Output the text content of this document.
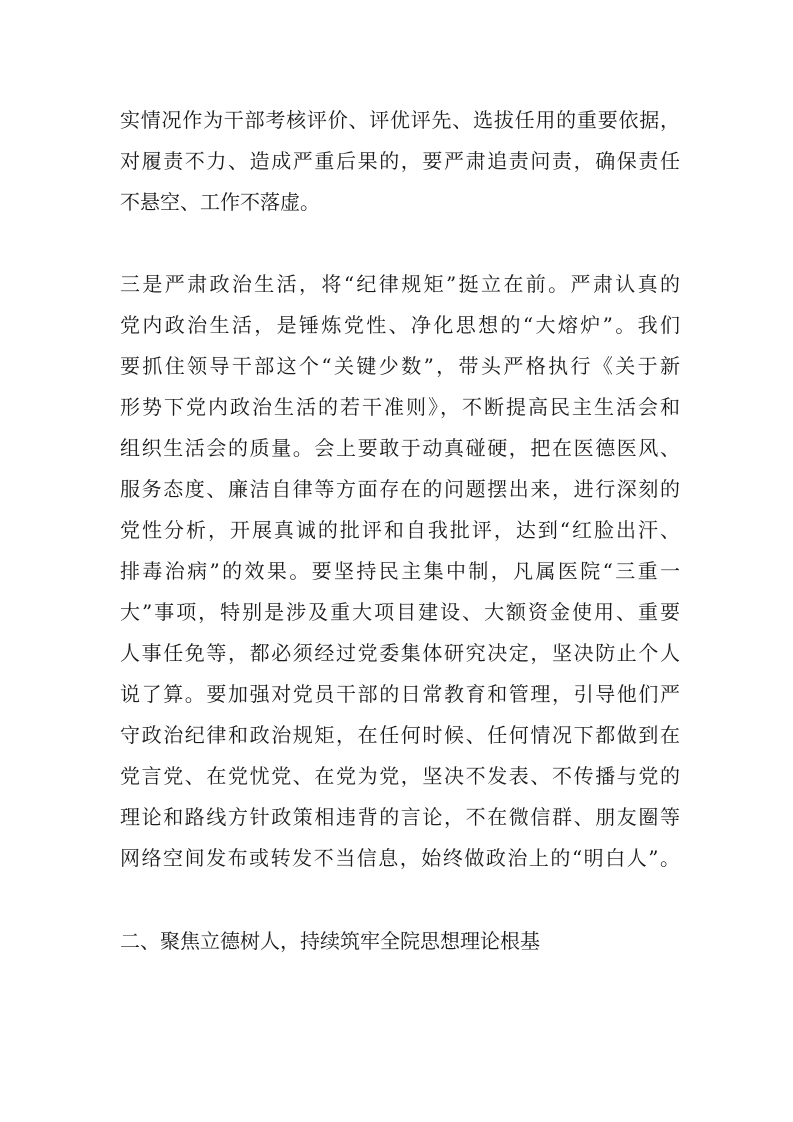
实情况作为干部考核评价、评优评先、选拔任用的重要依据，
对履责不力、造成严重后果的，要严肃追责问责，确保责任
不悬空、工作不落虚。
三是严肃政治生活，将“纪律规矩”挺立在前。严肃认真的
党内政治生活，是锤炼党性、净化思想的“大熔炉”。我们
要抓住领导干部这个“关键少数”，带头严格执行《关于新
形势下党内政治生活的若干准则》，不断提高民主生活会和
组织生活会的质量。会上要敢于动真碰硬，把在医德医风、
服务态度、廉洁自律等方面存在的问题摆出来，进行深刻的
党性分析，开展真诚的批评和自我批评，达到“红脸出汗、
排毒治病”的效果。要坚持民主集中制，凡属医院“三重一
大”事项，特别是涉及重大项目建设、大额资金使用、重要
人事任免等，都必须经过党委集体研究决定，坚决防止个人
说了算。要加强对党员干部的日常教育和管理，引导他们严
守政治纪律和政治规矩，在任何时候、任何情况下都做到在
党言党、在党忧党、在党为党，坚决不发表、不传播与党的
理论和路线方针政策相违背的言论，不在微信群、朋友圈等
网络空间发布或转发不当信息，始终做政治上的“明白人”。
二、聚焦立德树人，持续筑牢全院思想理论根基
